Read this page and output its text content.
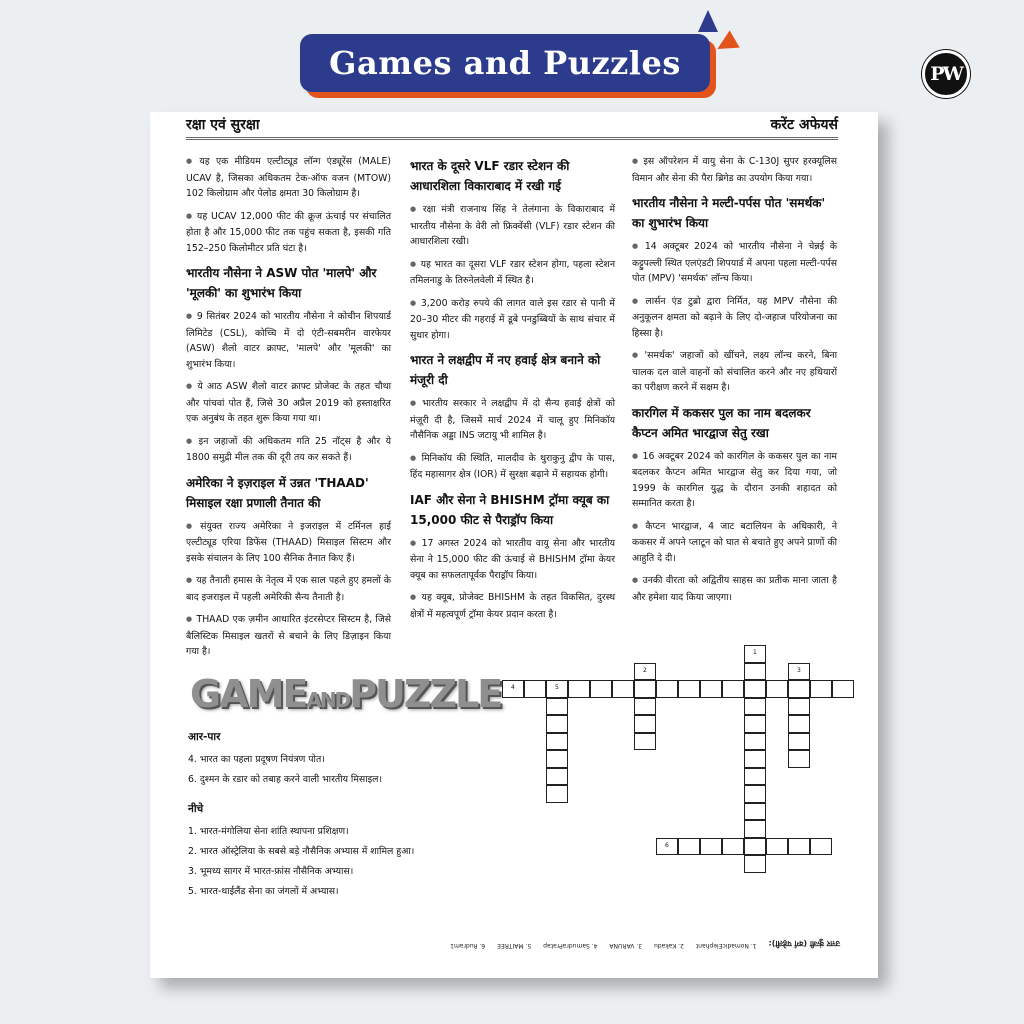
Games and Puzzles	PW
रक्षा एवं सुरक्षा	करेंट अफेयर्स

● यह एक मीडियम एल्टीट्यूड लॉन्ग एंड्यूरेंस (MALE) UCAV है, जिसका अधिकतम टेक-ऑफ वजन (MTOW) 102 किलोग्राम और पेलोड क्षमता 30 किलोग्राम है।

● यह UCAV 12,000 फीट की क्रूज ऊंचाई पर संचालित होता है और 15,000 फीट तक पहुंच सकता है, इसकी गति 152–250 किलोमीटर प्रति घंटा है।

भारतीय नौसेना ने ASW पोत 'मालपे' और 'मूलकी' का शुभारंभ किया

● 9 सितंबर 2024 को भारतीय नौसेना ने कोचीन शिपयार्ड लिमिटेड (CSL), कोच्चि में दो एंटी-सबमरीन वारफेयर (ASW) शैलो वाटर क्राफ्ट, 'मालपे' और 'मूलकी' का शुभारंभ किया।

● ये आठ ASW शैलो वाटर क्राफ्ट प्रोजेक्ट के तहत चौथा और पांचवां पोत हैं, जिसे 30 अप्रैल 2019 को हस्ताक्षरित एक अनुबंध के तहत शुरू किया गया था।

● इन जहाजों की अधिकतम गति 25 नॉट्स है और ये 1800 समुद्री मील तक की दूरी तय कर सकते हैं।

अमेरिका ने इज़राइल में उन्नत 'THAAD' मिसाइल रक्षा प्रणाली तैनात की

● संयुक्त राज्य अमेरिका ने इजराइल में टर्मिनल हाई एल्टीट्यूड एरिया डिफेंस (THAAD) मिसाइल सिस्टम और इसके संचालन के लिए 100 सैनिक तैनात किए हैं।

● यह तैनाती हमास के नेतृत्व में एक साल पहले हुए हमलों के बाद इजराइल में पहली अमेरिकी सैन्य तैनाती है।

● THAAD एक ज़मीन आधारित इंटरसेप्टर सिस्टम है, जिसे बैलिस्टिक मिसाइल खतरों से बचाने के लिए डिज़ाइन किया गया है।

भारत के दूसरे VLF रडार स्टेशन की आधारशिला विकाराबाद में रखी गई

● रक्षा मंत्री राजनाथ सिंह ने तेलंगाना के विकाराबाद में भारतीय नौसेना के वेरी लो फ्रिक्वेंसी (VLF) रडार स्टेशन की आधारशिला रखी।

● यह भारत का दूसरा VLF रडार स्टेशन होगा, पहला स्टेशन तमिलनाडु के तिरुनेलवेली में स्थित है।

● 3,200 करोड़ रुपये की लागत वाले इस रडार से पानी में 20–30 मीटर की गहराई में डूबे पनडुब्बियों के साथ संचार में सुधार होगा।

भारत ने लक्षद्वीप में नए हवाई क्षेत्र बनाने को मंजूरी दी

● भारतीय सरकार ने लक्षद्वीप में दो सैन्य हवाई क्षेत्रों को मंज़ूरी दी है, जिसमें मार्च 2024 में चालू हुए मिनिकॉय नौसैनिक अड्डा INS जटायु भी शामिल है।

● मिनिकॉय की स्थिति, मालदीव के थुराकुनु द्वीप के पास, हिंद महासागर क्षेत्र (IOR) में सुरक्षा बढ़ाने में सहायक होगी।

IAF और सेना ने BHISHM ट्रॉमा क्यूब का 15,000 फीट से पैराड्रॉप किया

● 17 अगस्त 2024 को भारतीय वायु सेना और भारतीय सेना ने 15,000 फीट की ऊंचाई से BHISHM ट्रॉमा केयर क्यूब का सफलतापूर्वक पैराड्रॉप किया।

● यह क्यूब, प्रोजेक्ट BHISHM के तहत विकसित, दुरस्थ क्षेत्रों में महत्वपूर्ण ट्रॉमा केयर प्रदान करता है।

● इस ऑपरेशन में वायु सेना के C-130J सुपर हरक्यूलिस विमान और सेना की पैरा ब्रिगेड का उपयोग किया गया।

भारतीय नौसेना ने मल्टी-पर्पस पोत 'समर्थक' का शुभारंभ किया

● 14 अक्टूबर 2024 को भारतीय नौसेना ने चेन्नई के कट्टुपल्ली स्थित एलएंडटी शिपयार्ड में अपना पहला मल्टी-पर्पस पोत (MPV) 'समर्थक' लॉन्च किया।

● लार्सन एंड टुब्रो द्वारा निर्मित, यह MPV नौसेना की अनुकूलन क्षमता को बढ़ाने के लिए दो-जहाज परियोजना का हिस्सा है।

● 'समर्थक' जहाजों को खींचने, लक्ष्य लॉन्च करने, बिना चालक दल वाले वाहनों को संचालित करने और नए हथियारों का परीक्षण करने में सक्षम है।

कारगिल में ककसर पुल का नाम बदलकर कैप्टन अमित भारद्वाज सेतु रखा

● 16 अक्टूबर 2024 को कारगिल के ककसर पुल का नाम बदलकर कैप्टन अमित भारद्वाज सेतु कर दिया गया, जो 1999 के कारगिल युद्ध के दौरान उनकी शहादत को सम्मानित करता है।

● कैप्टन भारद्वाज, 4 जाट बटालियन के अधिकारी, ने ककसर में अपने प्लाटून को घात से बचाते हुए अपने प्राणों की आहुति दे दी।

● उनकी वीरता को अद्वितीय साहस का प्रतीक माना जाता है और हमेशा याद किया जाएगा।

GAMEANDPUZZLE
आर-पार
4. भारत का पहला प्रदूषण नियंत्रण पोत।
6. दुश्मन के रडार को तबाह करने वाली भारतीय मिसाइल।
नीचे
1. भारत-मंगोलिया सेना शांति स्थापना प्रशिक्षण।
2. भारत ऑस्ट्रेलिया के सबसे बड़े नौसैनिक अभ्यास में शामिल हुआ।
3. भूमध्य सागर में भारत-फ्रांस नौसैनिक अभ्यास।
5. भारत-थाईलैंड सेना का जंगलों में अभ्यास।
4	5
2	3
6
1
उत्तर कुंजी (वर्ग पहेली):
1. NomadicElephant
2. Kakadu
3. VARUNA
4. SamudraPratap
5. MAITREE
6. Rudram1
